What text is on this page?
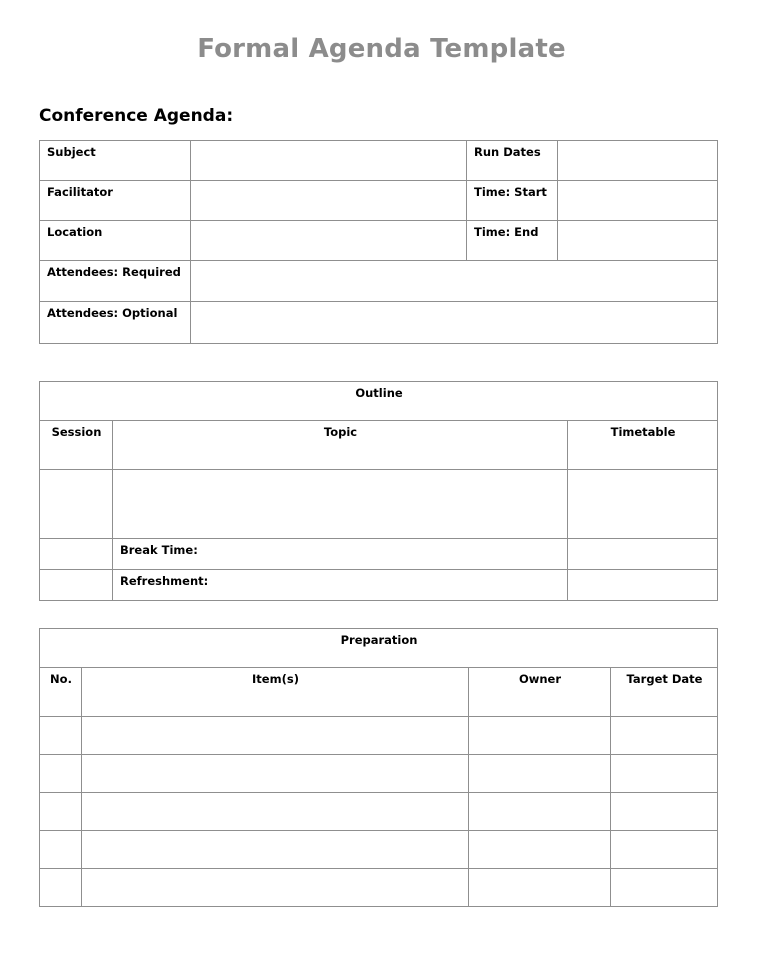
Formal Agenda Template
Conference Agenda:
Subject		Run Dates	
Facilitator		Time: Start	
Location		Time: End	
Attendees: Required			
Attendees: Optional			
Outline		
Session	Topic	Timetable

	Break Time:	
	Refreshment:	
Preparation			
No.	Item(s)	Owner	Target Date
